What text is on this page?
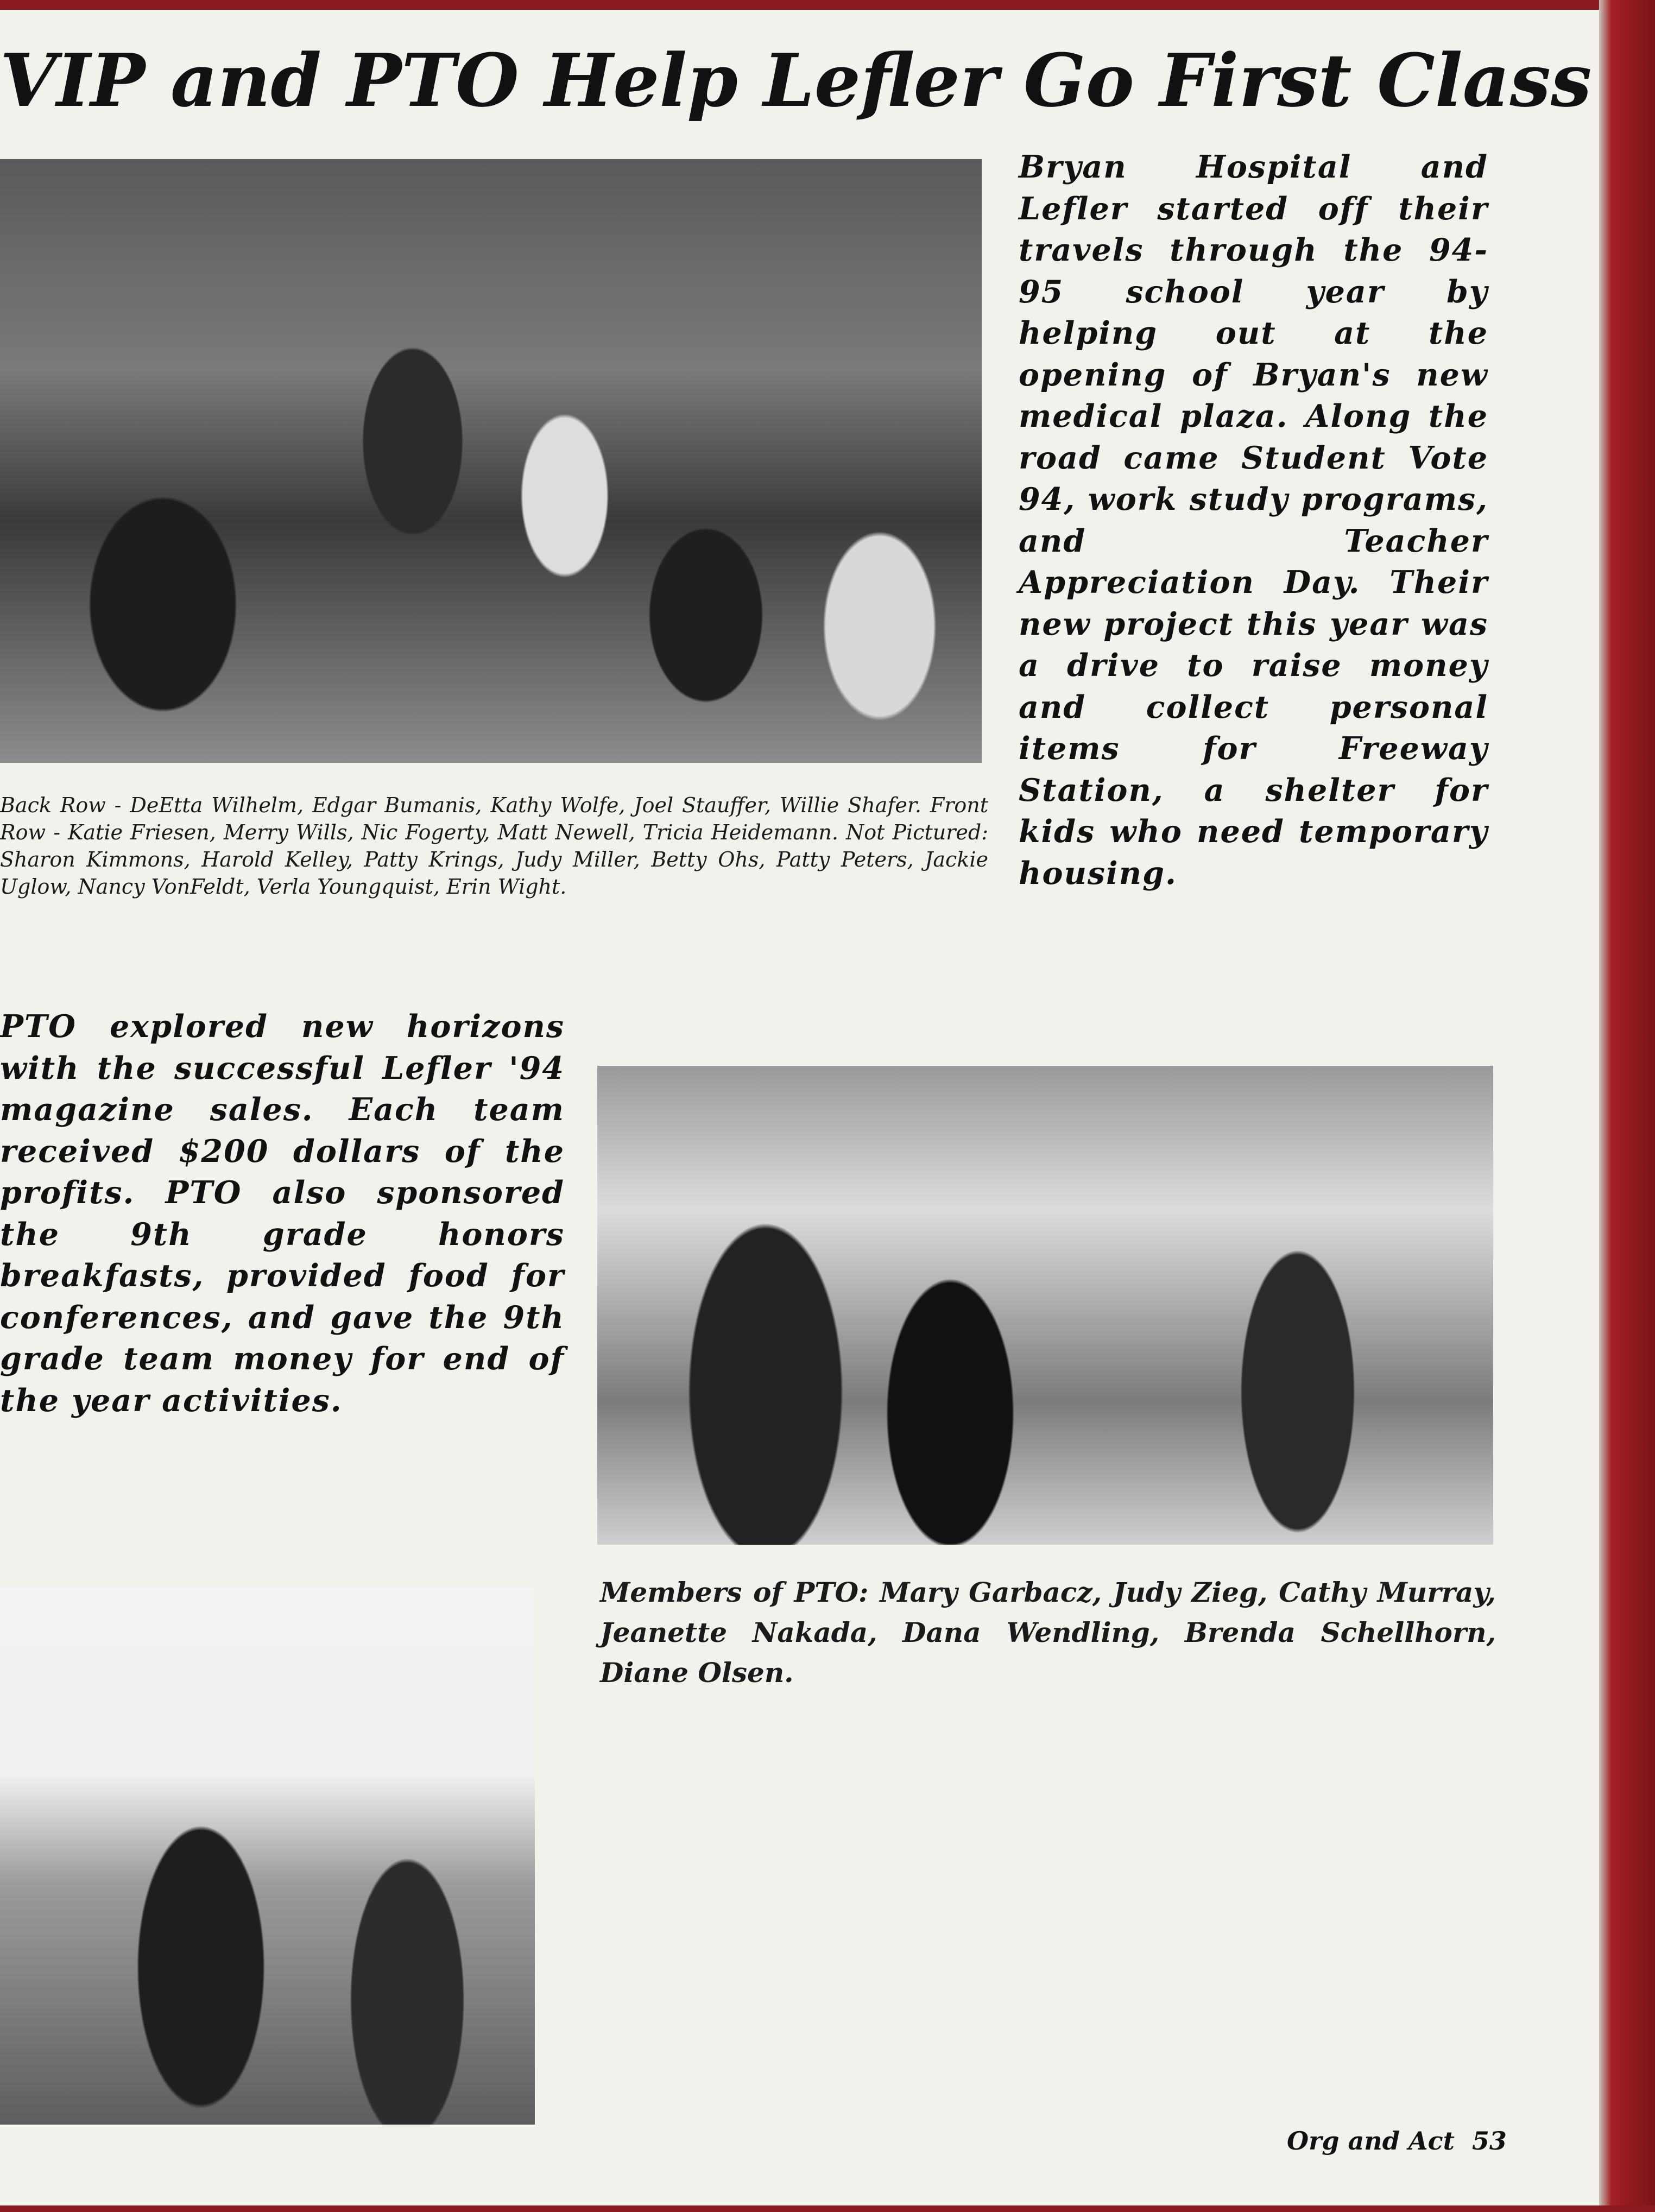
VIP and PTO Help Lefler Go First Class
Back Row - DeEtta Wilhelm, Edgar Bumanis, Kathy Wolfe, Joel Stauffer, Willie Shafer. Front Row - Katie Friesen, Merry Wills, Nic Fogerty, Matt Newell, Tricia Heidemann. Not Pictured: Sharon Kimmons, Harold Kelley, Patty Krings, Judy Miller, Betty Ohs, Patty Peters, Jackie Uglow, Nancy VonFeldt, Verla Youngquist, Erin Wight.
Bryan Hospital and Lefler started off their travels through the 94-95 school year by helping out at the opening of Bryan's new medical plaza. Along the road came Student Vote 94, work study programs, and Teacher Appreciation Day. Their new project this year was a drive to raise money and collect personal items for Freeway Station, a shelter for kids who need temporary housing.
PTO explored new horizons with the successful Lefler '94 magazine sales. Each team received $200 dollars of the profits. PTO also sponsored the 9th grade honors breakfasts, provided food for conferences, and gave the 9th grade team money for end of the year activities.
Members of PTO: Mary Garbacz, Judy Zieg, Cathy Murray, Jeanette Nakada, Dana Wendling, Brenda Schellhorn, Diane Olsen.
Org and Act 53
